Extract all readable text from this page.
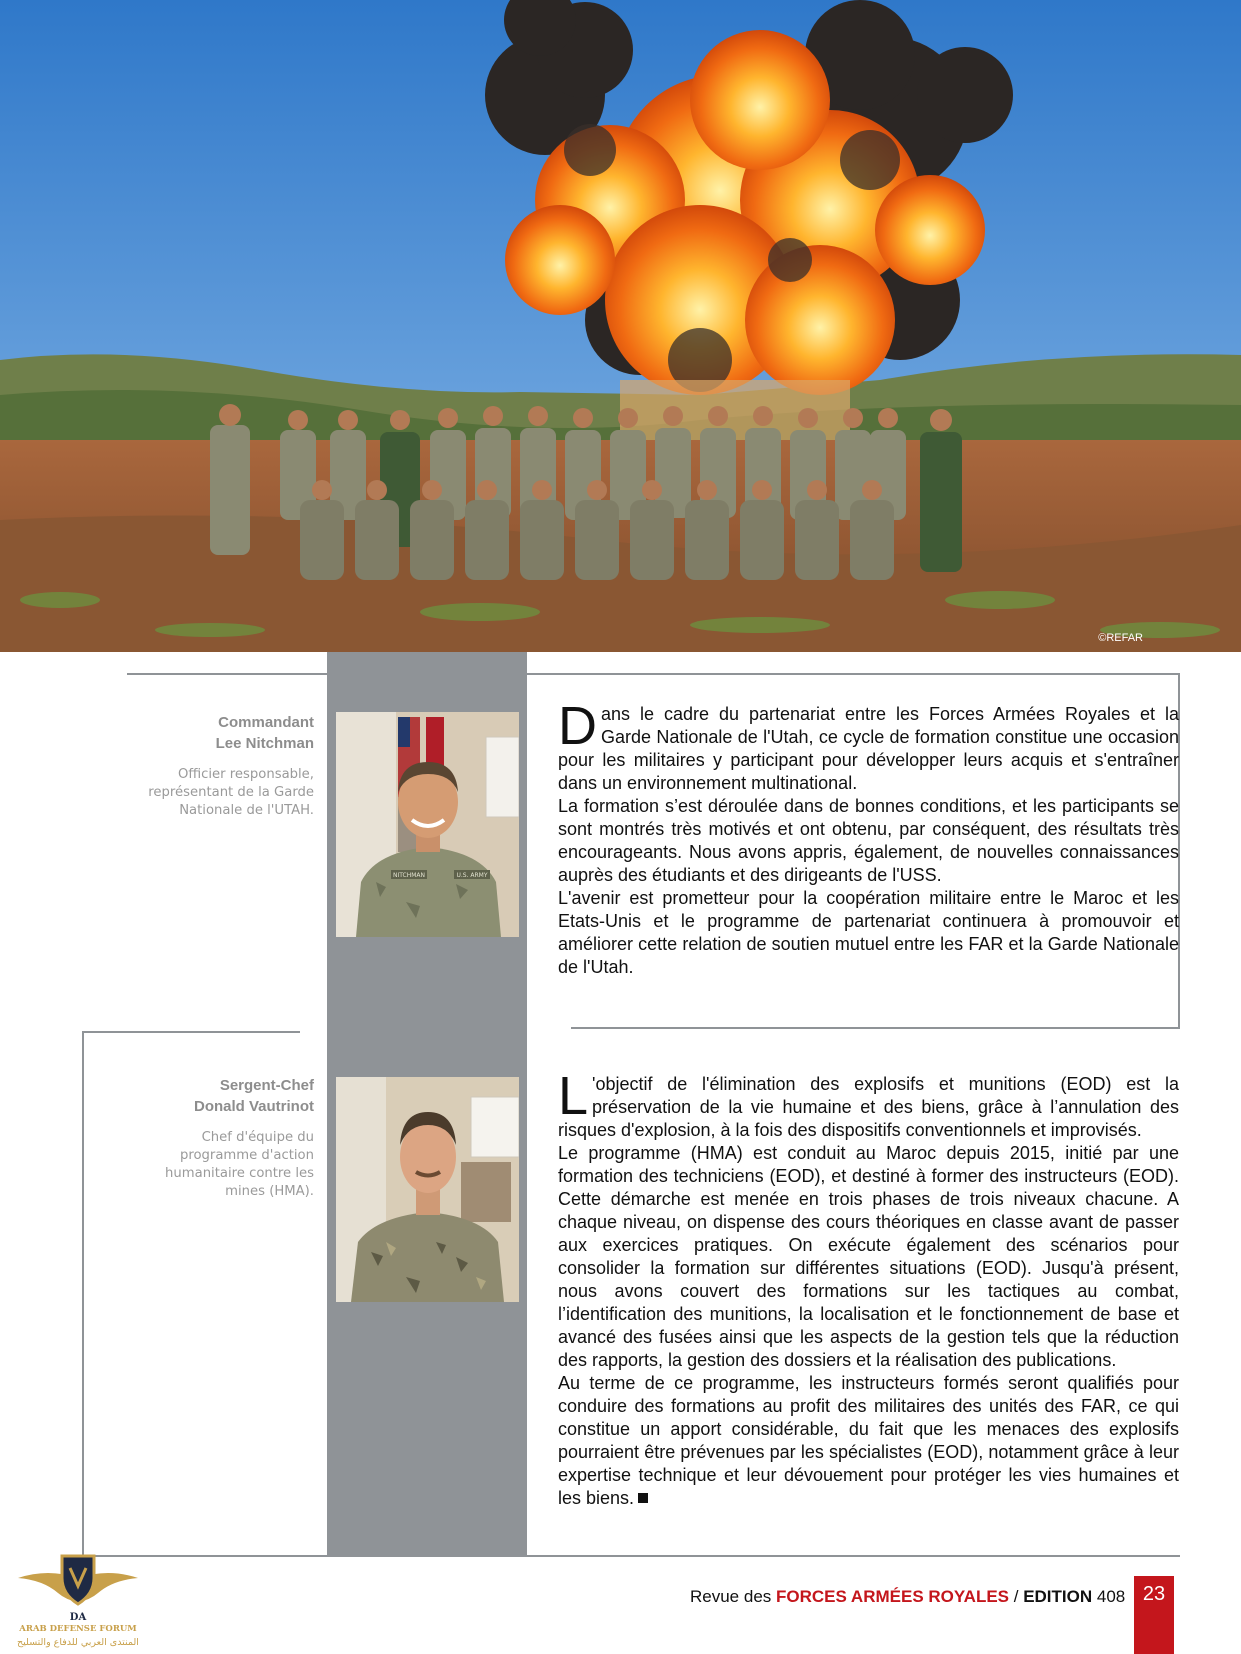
©REFAR
Commandant
Lee Nitchman
Officier responsable,
représentant de la Garde
Nationale de l'UTAH.
NITCHMAN	U.S. ARMY
D ans le cadre du partenariat entre les Forces Armées Royales et la Garde Nationale de l'Utah, ce cycle de formation constitue une occasion pour les militaires y participant pour développer leurs acquis et s'entraîner dans un environnement multinational.

La formation s’est déroulée dans de bonnes conditions, et les participants se sont montrés très motivés et ont obtenu, par conséquent, des résultats très encourageants. Nous avons appris, également, de nouvelles connaissances auprès des étudiants et des dirigeants de l'USS.

L'avenir est prometteur pour la coopération militaire entre le Maroc et les Etats-Unis et le programme de partenariat continuera à promouvoir et améliorer cette relation de soutien mutuel entre les FAR et la Garde Nationale de l'Utah.

Sergent-Chef
Donald Vautrinot
Chef d'équipe du
programme d'action
humanitaire contre les
mines (HMA).
L 'objectif de l'élimination des explosifs et munitions (EOD) est la préservation de la vie humaine et des biens, grâce à l’annulation des risques d'explosion, à la fois des dispositifs conventionnels et improvisés.

Le programme (HMA) est conduit au Maroc depuis 2015, initié par une formation des techniciens (EOD), et destiné à former des instructeurs (EOD). Cette démarche est menée en trois phases de trois niveaux chacune. A chaque niveau, on dispense des cours théoriques en classe avant de passer aux exercices pratiques. On exécute également des scénarios pour consolider la formation sur différentes situations (EOD). Jusqu'à présent, nous avons couvert des formations sur les tactiques au combat, l’identification des munitions, la localisation et le fonctionnement de base et avancé des fusées ainsi que les aspects de la gestion tels que la réduction des rapports, la gestion des dossiers et la réalisation des publications.

Au terme de ce programme, les instructeurs formés seront qualifiés pour conduire des formations au profit des militaires des unités des FAR, ce qui constitue un apport considérable, du fait que les menaces des explosifs pourraient être prévenues par les spécialistes (EOD), notamment grâce à leur expertise technique et leur dévouement pour protéger les vies humaines et les biens.

Revue des FORCES ARMÉES ROYALES / EDITION 408 23
DA
ARAB DEFENSE FORUM
المنتدى العربي للدفاع والتسليح
